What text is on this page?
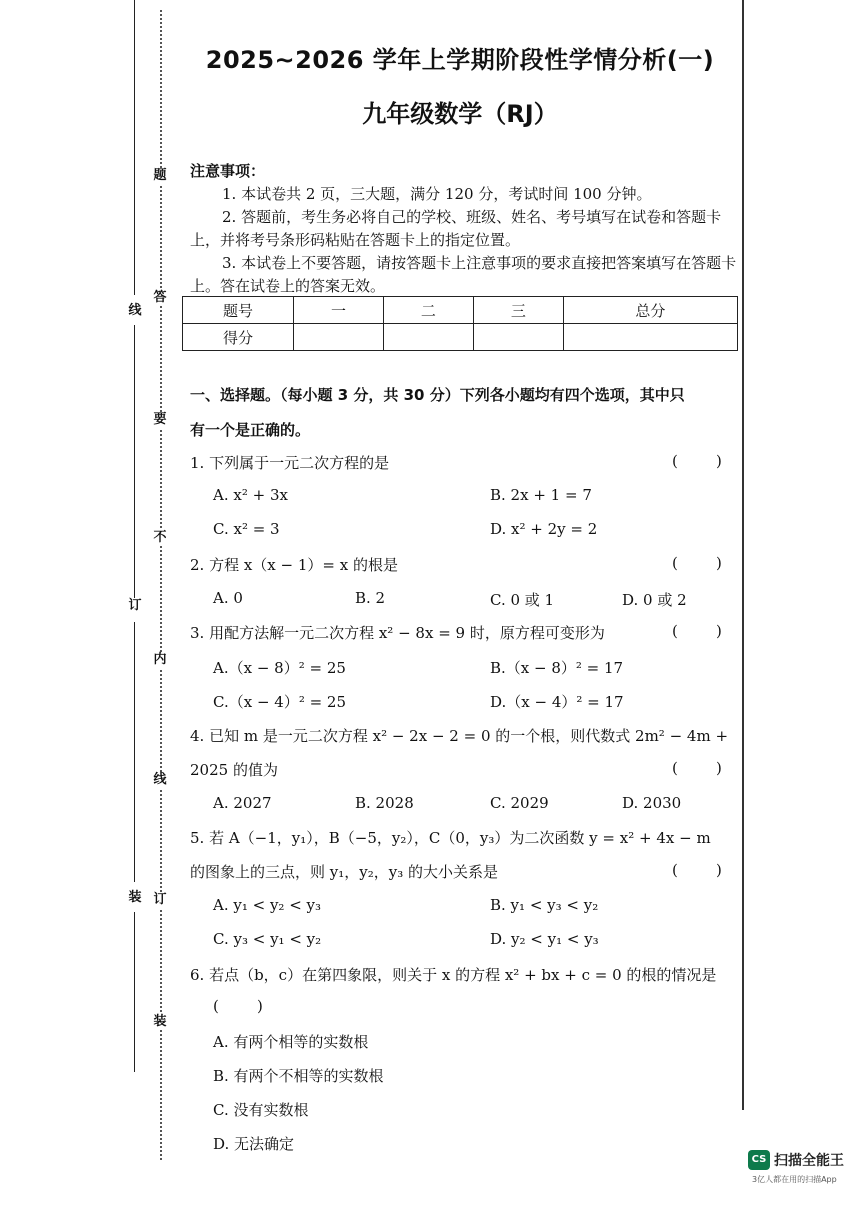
线
订
装
题
答
要
不
内
线
订
装
2025~2026 学年上学期阶段性学情分析(一)
九年级数学（RJ）

注意事项：

1. 本试卷共 2 页，三大题，满分 120 分，考试时间 100 分钟。

2. 答题前，考生务必将自己的学校、班级、姓名、考号填写在试卷和答题卡上，并将考号条形码粘贴在答题卡上的指定位置。

3. 本试卷上不要答题，请按答题卡上注意事项的要求直接把答案填写在答题卡上。答在试卷上的答案无效。

题号	一	二	三	总分
得分				
一、选择题。（每小题 3 分，共 30 分）下列各小题均有四个选项，其中只
有一个是正确的。
1. 下列属于一元二次方程的是	(        )
A. x² + 3x	B. 2x + 1 = 7
C. x² = 3	D. x² + 2y = 2
2. 方程 x（x − 1）= x 的根是	(        )
A. 0	B. 2	C. 0 或 1	D. 0 或 2
3. 用配方法解一元二次方程 x² − 8x = 9 时，原方程可变形为	(        )
A.（x − 8）² = 25	B.（x − 8）² = 17
C.（x − 4）² = 25	D.（x − 4）² = 17
4. 已知 m 是一元二次方程 x² − 2x − 2 = 0 的一个根，则代数式 2m² − 4m +
2025 的值为	(        )
A. 2027	B. 2028	C. 2029	D. 2030
5. 若 A（−1，y₁），B（−5，y₂），C（0，y₃）为二次函数 y = x² + 4x − m
的图象上的三点，则 y₁，y₂，y₃ 的大小关系是	(        )
A. y₁ < y₂ < y₃	B. y₁ < y₃ < y₂
C. y₃ < y₁ < y₂	D. y₂ < y₁ < y₃
6. 若点（b，c）在第四象限，则关于 x 的方程 x² + bx + c = 0 的根的情况是
(        )
A. 有两个相等的实数根
B. 有两个不相等的实数根
C. 没有实数根
D. 无法确定
CS 扫描全能王
3亿人都在用的扫描App
